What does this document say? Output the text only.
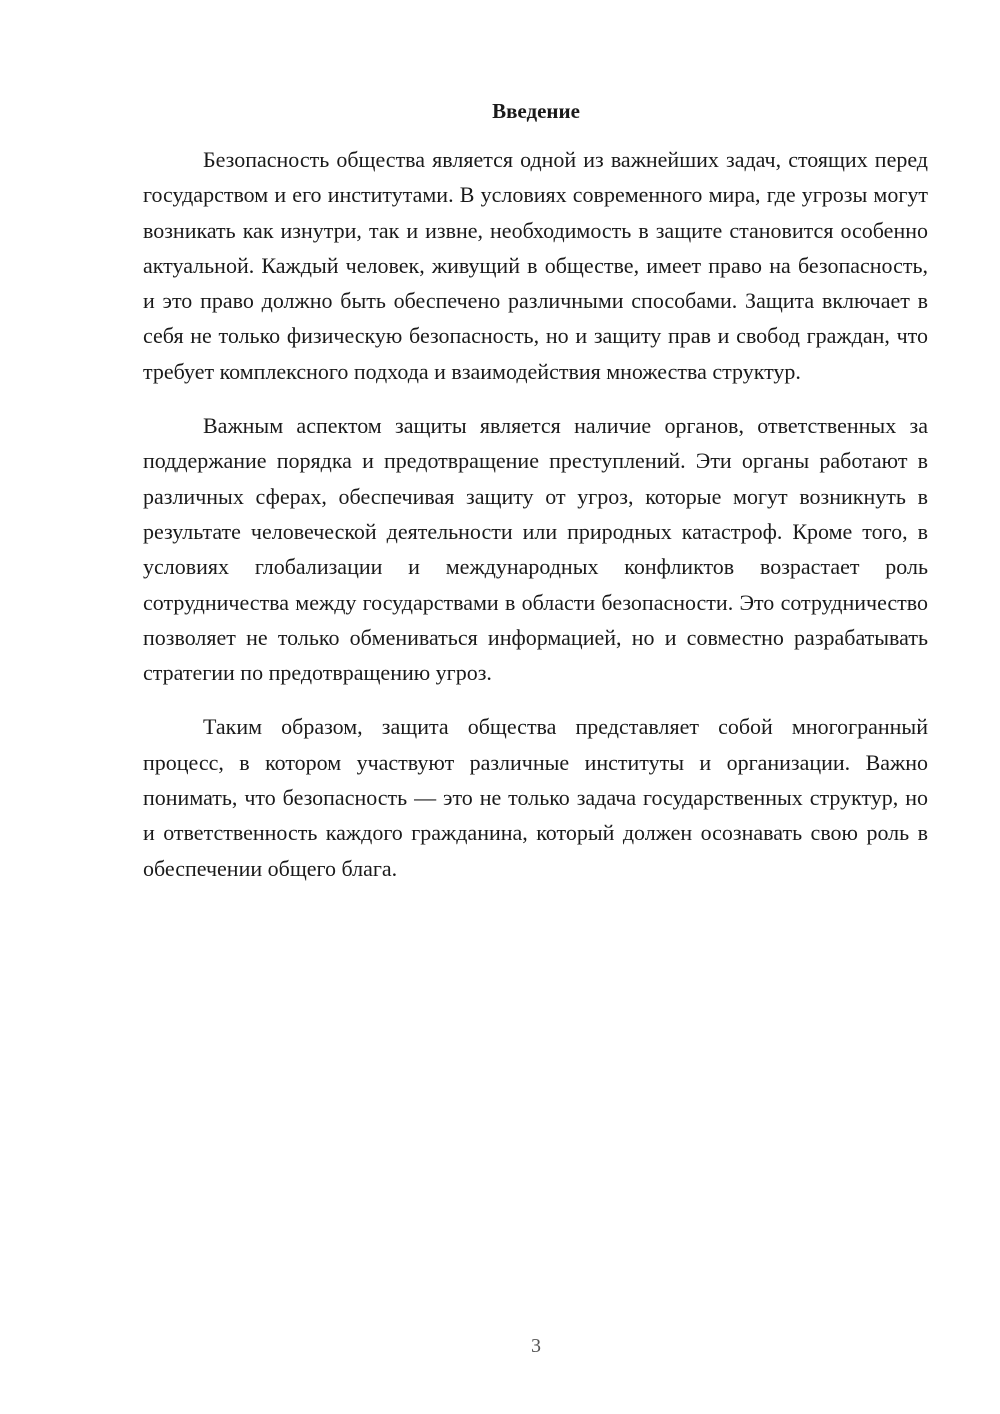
Введение

Безопасность общества является одной из важнейших задач, стоящих перед государством и его институтами. В условиях современного мира, где угрозы могут возникать как изнутри, так и извне, необходимость в защите становится особенно актуальной. Каждый человек, живущий в обществе, имеет право на безопасность, и это право должно быть обеспечено различными способами. Защита включает в себя не только физическую безопасность, но и защиту прав и свобод граждан, что требует комплексного подхода и взаимодействия множества структур.

Важным аспектом защиты является наличие органов, ответственных за поддержание порядка и предотвращение преступлений. Эти органы работают в различных сферах, обеспечивая защиту от угроз, которые могут возникнуть в результате человеческой деятельности или природных катастроф. Кроме того, в условиях глобализации и международных конфликтов возрастает роль сотрудничества между государствами в области безопасности. Это сотрудничество позволяет не только обмениваться информацией, но и совместно разрабатывать стратегии по предотвращению угроз.

Таким образом, защита общества представляет собой многогранный процесс, в котором участвуют различные институты и организации. Важно понимать, что безопасность — это не только задача государственных структур, но и ответственность каждого гражданина, который должен осознавать свою роль в обеспечении общего блага.

3
